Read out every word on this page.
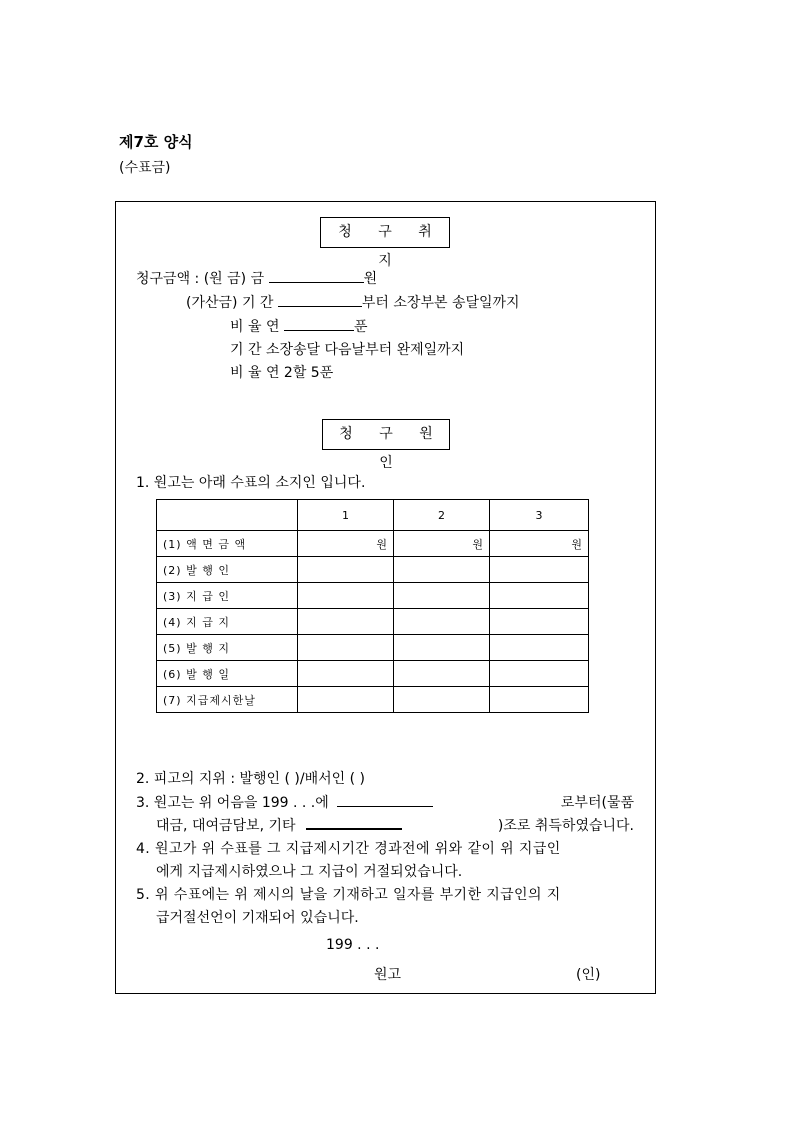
제7호 양식
(수표금)
청 구 취 지
청구금액 : (원 금) 금	원
(가산금) 기 간	부터 소장부본 송달일까지
비 율 연	푼
기 간 소장송달 다음날부터 완제일까지
비 율 연 2할 5푼
청 구 원 인
1. 원고는 아래 수표의 소지인 입니다.
	1	2	3
(1) 액 면 금 액	원	원	원
(2) 발 행 인			
(3) 지 급 인			
(4) 지 급 지			
(5) 발 행 지			
(6) 발 행 일			
(7) 지급제시한날			
2. 피고의 지위 : 발행인 ( )/배서인 ( )
3. 원고는 위 어음을 199 . . .에	로부터(물품
대금, 대여금담보, 기타	)조로 취득하였습니다.
4. 원고가 위 수표를 그 지급제시기간 경과전에 위와 같이 위 지급인
에게 지급제시하였으나 그 지급이 거절되었습니다.
5. 위 수표에는 위 제시의 날을 기재하고 일자를 부기한 지급인의 지
급거절선언이 기재되어 있습니다.
199 . . .
원고	(인)
